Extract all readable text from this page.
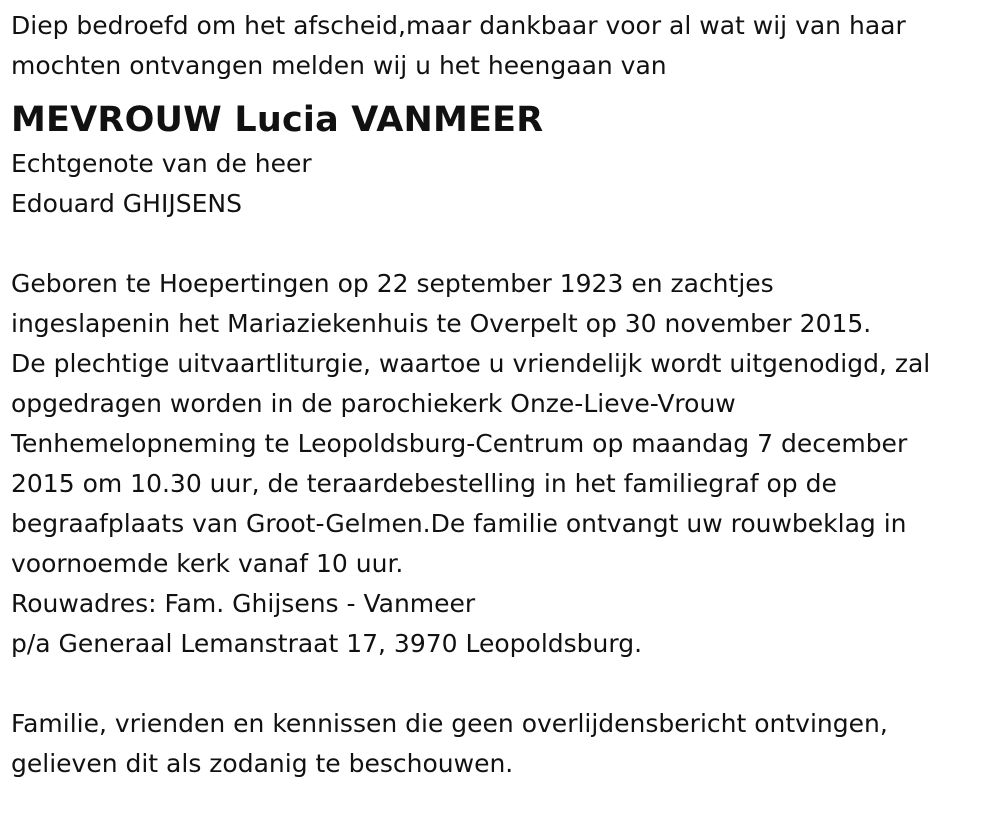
Diep bedroefd om het afscheid,maar dankbaar voor al wat wij van haar

mochten ontvangen melden wij u het heengaan van

MEVROUW Lucia VANMEER

Echtgenote van de heer

Edouard GHIJSENS

Geboren te Hoepertingen op 22 september 1923 en zachtjes

ingeslapenin het Mariaziekenhuis te Overpelt op 30 november 2015.

De plechtige uitvaartliturgie, waartoe u vriendelijk wordt uitgenodigd, zal

opgedragen worden in de parochiekerk Onze-Lieve-Vrouw

Tenhemelopneming te Leopoldsburg-Centrum op maandag 7 december

2015 om 10.30 uur, de teraardebestelling in het familiegraf op de

begraafplaats van Groot-Gelmen.De familie ontvangt uw rouwbeklag in

voornoemde kerk vanaf 10 uur.

Rouwadres: Fam. Ghijsens - Vanmeer

p/a Generaal Lemanstraat 17, 3970 Leopoldsburg.

Familie, vrienden en kennissen die geen overlijdensbericht ontvingen,

gelieven dit als zodanig te beschouwen.
